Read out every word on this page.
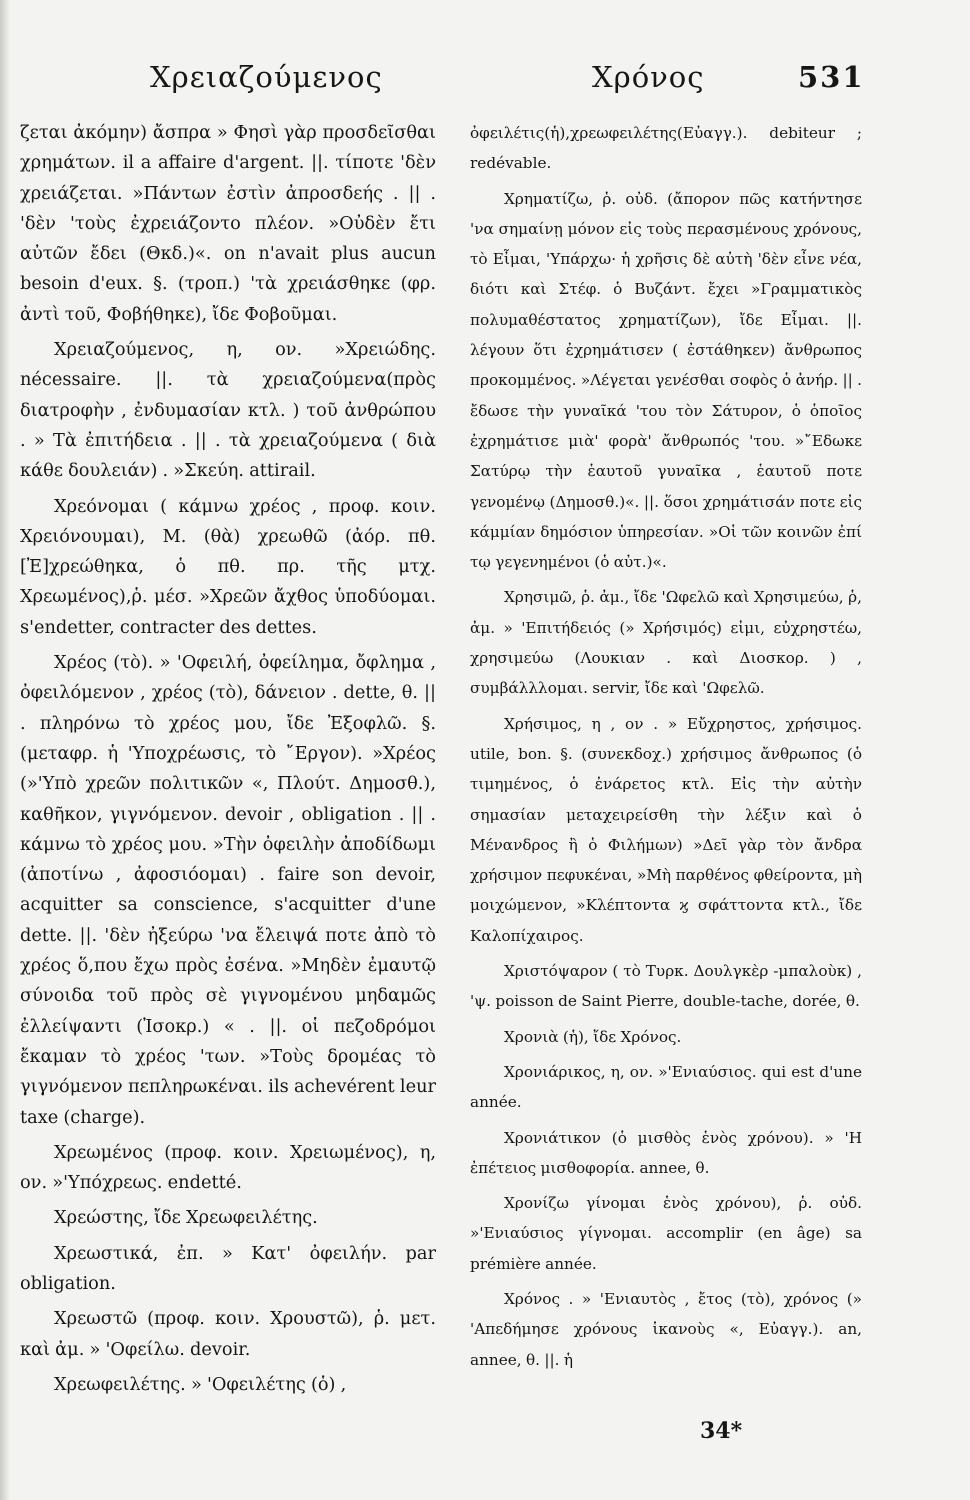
Χρειαζούμενος	Χρόνος	531

ζεται ἀκόμην) ἄσπρα » Φησὶ γὰρ προσδεῖσθαι χρημάτων. il a affaire d'argent. ||. τίποτε 'δὲν χρειάζεται. »Πάντων ἐστὶν ἀπροσδεής . || . 'δὲν 'τοὺς ἐχρειάζοντο πλέον. »Οὐδὲν ἔτι αὐτῶν ἔδει (Θκδ.)«. on n'avait plus aucun besoin d'eux. §. (τροπ.) 'τὰ χρειάσθηκε (φρ. ἀντὶ τοῦ, Φοβήθηκε), ἴδε Φοβοῦμαι.

Χρειαζούμενος, η, ον. »Χρειώδης. nécessaire. ||. τὰ χρειαζούμενα(πρὸς διατροφὴν , ἐνδυμασίαν κτλ. ) τοῦ ἀνθρώπου . » Τὰ ἐπιτήδεια . || . τὰ χρειαζούμενα ( διὰ κάθε δουλειάν) . »Σκεύη. attirail.

Χρεόνομαι ( κάμνω χρέος , προφ. κοιν. Χρειόνουμαι), Μ. (θὰ) χρεωθῶ (ἀόρ. πθ. [Ἐ]χρεώθηκα, ὁ πθ. πρ. τῆς μτχ. Χρεωμένος),ῥ. μέσ. »Χρεῶν ἄχθος ὑποδύομαι. s'endetter, contracter des dettes.

Χρέος (τὸ). » 'Οφειλή, ὀφείλημα, ὄφλημα , ὀφειλόμενον , χρέος (τὸ), δάνειον . dette, θ. || . πληρόνω τὸ χρέος μου, ἴδε Ἐξοφλῶ. §. (μεταφρ. ἡ 'Υποχρέωσις, τὸ ῎Εργον). »Χρέος (»'Υπὸ χρεῶν πολιτικῶν «, Πλούτ. Δημοσθ.), καθῆκον, γιγνόμενον. devoir , obligation . || . κάμνω τὸ χρέος μου. »Τὴν ὀφειλὴν ἀποδίδωμι (ἀποτίνω , ἀφοσιόομαι) . faire son devoir, acquitter sa conscience, s'acquitter d'une dette. ||. 'δὲν ἠξεύρω 'να ἔλειψά ποτε ἀπὸ τὸ χρέος ὅ,που ἔχω πρὸς ἐσένα. »Μηδὲν ἐμαυτῷ σύνοιδα τοῦ πρὸς σὲ γιγνομένου μηδαμῶς ἐλλείψαντι (Ἰσοκρ.) « . ||. οἱ πεζοδρόμοι ἔκαμαν τὸ χρέος 'των. »Τοὺς δρομέας τὸ γιγνόμενον πεπληρωκέναι. ils achevérent leur taxe (charge).

Χρεωμένος (προφ. κοιν. Χρειωμένος), η, ον. »'Υπόχρεως. endetté.

Χρεώστης, ἴδε Χρεωφειλέτης.

Χρεωστικά, ἐπ. » Κατ' ὀφειλήν. par obligation.

Χρεωστῶ (προφ. κοιν. Χρουστῶ), ῥ. μετ. καὶ ἀμ. » 'Οφείλω. devoir.

Χρεωφειλέτης. » 'Οφειλέτης (ὁ) ,

ὀφειλέτις(ἡ),χρεωφειλέτης(Εὐαγγ.). debiteur ; redévable.

Χρηματίζω, ῥ. οὐδ. (ἄπορον πῶς κατήντησε 'να σημαίνῃ μόνον εἰς τοὺς περασμένους χρόνους, τὸ Εἶμαι, 'Υπάρχω· ἡ χρῆσις δὲ αὐτὴ 'δὲν εἶνε νέα, διότι καὶ Στέφ. ὁ Βυζάντ. ἔχει »Γραμματικὸς πολυμαθέστατος χρηματίζων), ἴδε Εἶμαι. ||. λέγουν ὅτι ἐχρημάτισεν ( ἐστάθηκεν) ἄνθρωπος προκομμένος. »Λέγεται γενέσθαι σοφὸς ὁ ἀνήρ. || . ἔδωσε τὴν γυναῖκά 'του τὸν Σάτυρον, ὁ ὁποῖος ἐχρημάτισε μιὰ' φορὰ' ἄνθρωπός 'του. »῎Εδωκε Σατύρῳ τὴν ἑαυτοῦ γυναῖκα , ἑαυτοῦ ποτε γενομένῳ (Δημοσθ.)«. ||. ὅσοι χρημάτισάν ποτε εἰς κάμμίαν δημόσιον ὑπηρεσίαν. »Οἱ τῶν κοινῶν ἐπί τῳ γεγενημένοι (ὁ αὐτ.)«.

Χρησιμῶ, ῥ. ἀμ., ἴδε 'Ωφελῶ καὶ Χρησιμεύω, ῥ, ἀμ. » 'Επιτήδειός (» Χρήσιμός) εἰμι, εὐχρηστέω, χρησιμεύω (Λουκιαν . καὶ Διοσκορ. ) , συμβάλλλομαι. servir, ἴδε καὶ 'Ωφελῶ.

Χρήσιμος, η , ον . » Εὔχρηστος, χρήσιμος. utile, bon. §. (συνεκδοχ.) χρήσιμος ἄνθρωπος (ὁ τιμημένος, ὁ ἐνάρετος κτλ. Εἰς τὴν αὐτὴν σημασίαν μεταχειρείσθη τὴν λέξιν καὶ ὁ Μένανδρος ἢ ὁ Φιλήμων) »Δεῖ γὰρ τὸν ἄνδρα χρήσιμον πεφυκέναι, »Μὴ παρθένος φθείροντα, μὴ μοιχώμενον, »Κλέπτοντα ϗ σφάττοντα κτλ., ἴδε Καλοπίχαιρος.

Χριστόψαρον ( τὸ Τυρκ. Δουλγκὲρ -μπαλοὺκ) , 'ψ. poisson de Saint Pierre, double-tache, dorée, θ.

Χρονιὰ (ἡ), ἴδε Χρόνος.

Χρονιάρικος, η, ον. »'Ενιαύσιος. qui est d'une année.

Χρονιάτικον (ὁ μισθὸς ἑνὸς χρόνου). » 'Η ἐπέτειος μισθοφορία. annee, θ.

Χρονίζω γίνομαι ἑνὸς χρόνου), ῥ. οὐδ. »'Ενιαύσιος γίγνομαι. accomplir (en âge) sa prémière année.

Χρόνος . » 'Ενιαυτὸς , ἔτος (τὸ), χρόνος (» 'Απεδήμησε χρόνους ἱκανοὺς «, Εὐαγγ.). an, annee, θ. ||. ἡ

34*
